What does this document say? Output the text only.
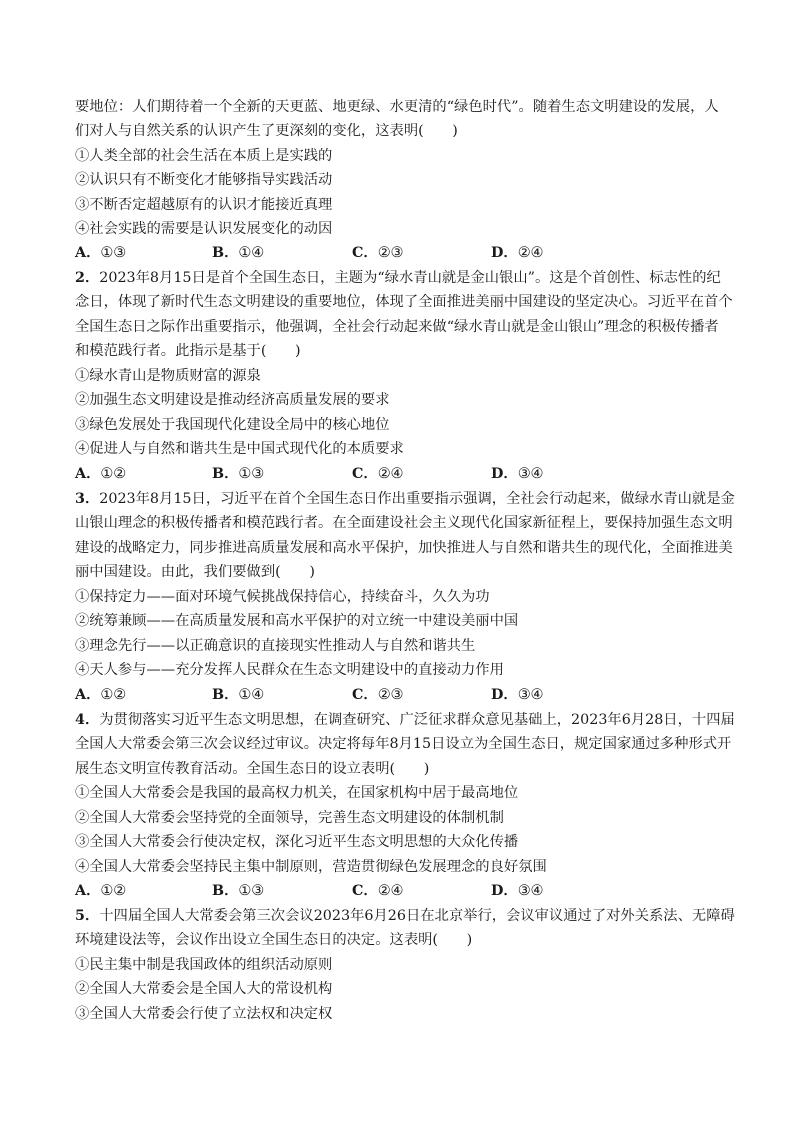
要地位：人们期待着一个全新的天更蓝、地更绿、水更清的“绿色时代”。随着生态文明建设的发展，人
们对人与自然关系的认识产生了更深刻的变化，这表明(　　)
①人类全部的社会生活在本质上是实践的
②认识只有不断变化才能够指导实践活动
③不断否定超越原有的认识才能接近真理
④社会实践的需要是认识发展变化的动因
A．①③	B．①④	C．②③	D．②④
2．2023年8月15日是首个全国生态日，主题为“绿水青山就是金山银山”。这是个首创性、标志性的纪
念日，体现了新时代生态文明建设的重要地位，体现了全面推进美丽中国建设的坚定决心。习近平在首个
全国生态日之际作出重要指示，他强调，全社会行动起来做“绿水青山就是金山银山”理念的积极传播者
和模范践行者。此指示是基于(　　)
①绿水青山是物质财富的源泉
②加强生态文明建设是推动经济高质量发展的要求
③绿色发展处于我国现代化建设全局中的核心地位
④促进人与自然和谐共生是中国式现代化的本质要求
A．①②	B．①③	C．②④	D．③④
3．2023年8月15日，习近平在首个全国生态日作出重要指示强调，全社会行动起来，做绿水青山就是金
山银山理念的积极传播者和模范践行者。在全面建设社会主义现代化国家新征程上，要保持加强生态文明
建设的战略定力，同步推进高质量发展和高水平保护，加快推进人与自然和谐共生的现代化，全面推进美
丽中国建设。由此，我们要做到(　　)
①保持定力——面对环境气候挑战保持信心，持续奋斗，久久为功
②统筹兼顾——在高质量发展和高水平保护的对立统一中建设美丽中国
③理念先行——以正确意识的直接现实性推动人与自然和谐共生
④天人参与——充分发挥人民群众在生态文明建设中的直接动力作用
A．①②	B．①④	C．②③	D．③④
4．为贯彻落实习近平生态文明思想，在调查研究、广泛征求群众意见基础上，2023年6月28日，十四届
全国人大常委会第三次会议经过审议。决定将每年8月15日设立为全国生态日，规定国家通过多种形式开
展生态文明宣传教育活动。全国生态日的设立表明(　　)
①全国人大常委会是我国的最高权力机关，在国家机构中居于最高地位
②全国人大常委会坚持党的全面领导，完善生态文明建设的体制机制
③全国人大常委会行使决定权，深化习近平生态文明思想的大众化传播
④全国人大常委会坚持民主集中制原则，营造贯彻绿色发展理念的良好氛围
A．①②	B．①③	C．②④	D．③④
5．十四届全国人大常委会第三次会议2023年6月26日在北京举行，会议审议通过了对外关系法、无障碍
环境建设法等，会议作出设立全国生态日的决定。这表明(　　)
①民主集中制是我国政体的组织活动原则
②全国人大常委会是全国人大的常设机构
③全国人大常委会行使了立法权和决定权
